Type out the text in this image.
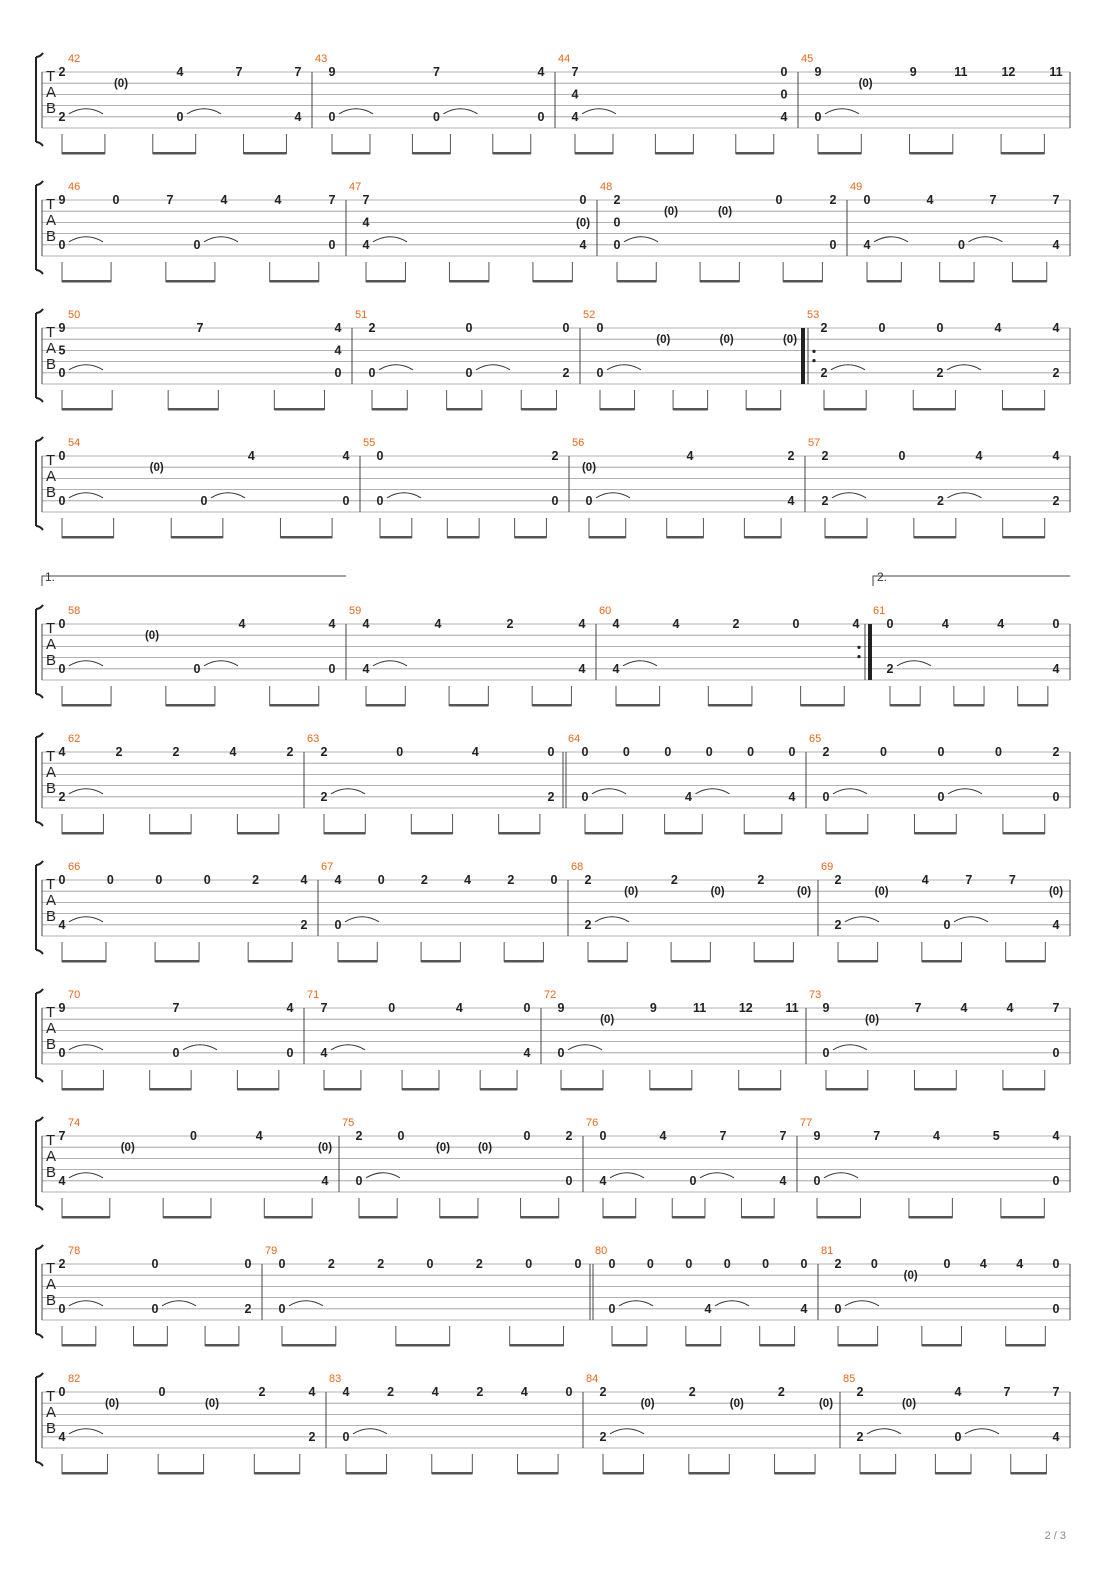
T
A
B
42
2
(0)
4	7	7
2	0	4
43
9	7	4
0	0	0
44
7	0
4	0
4	4
45
9
(0)
9	11	12	11
0
T
A
B
46
9	0	7	4	4	7
0	0	0
47
7	0
4	(0)
4	4
48
2
(0)	(0)
0	2
0
0	0
49
0	4	7	7
4	0	4
T
A
B
50
9	7	4
5	4
0	0
51
2	0	0
0	0	2
52
0
(0)	(0)	(0)
0
53
2	0	0	4	4
2	2	2
T
A
B
54
0
(0)
4	4
0	0	0
55
0	2
0	0
56
(0)
4	2
0	4
57
2	0	4	4
2	2	2
T
A
B
58
0
(0)
4	4
0	0	0
59
4	4	2	4
4	4
60
4	4	2	0	4
4
61
0	4	4	0
2	4
T
A
B
62
4	2	2	4	2
2
63
2	0	4	0
2	2
64
0	0	0	0	0	0
0	4	4
65
2	0	0	0	2
0	0	0
T
A
B
66
0	0	0	0	2	4
4	2
67
4	0	2	4	2	0
0
68
2
(0)
2
(0)
2
(0)
2
69
2
(0)
4	7	7
(0)
2	0	4
T
A
B
70
9	7	4
0	0	0
71
7	0	4	0
4	4
72
9
(0)
9	11	12	11
0
73
9
(0)
7	4	4	7
0	0
T
A
B
74
7
(0)
0	4
(0)
4	4
75
2	0
(0) (0)
0	2
0	0
76
0	4	7	7
4	0	4
77
9	7	4	5	4
0	0
T
A
B
78
2	0	0
0	0	2
79
0	2	2	0	2	0	0
0
80
0	0	0	0	0	0
0	4	4
81
2 0
(0)
0 4 4 0
0	0
T
A
B
82
0
(0)
0
(0)
2	4
4	2
83
4	2	4	2	4	0
0
84
2
(0)
2
(0)
2
(0)
2
85
2
(0)
4	7	7
2	0	4
1.	2.
2 / 3
